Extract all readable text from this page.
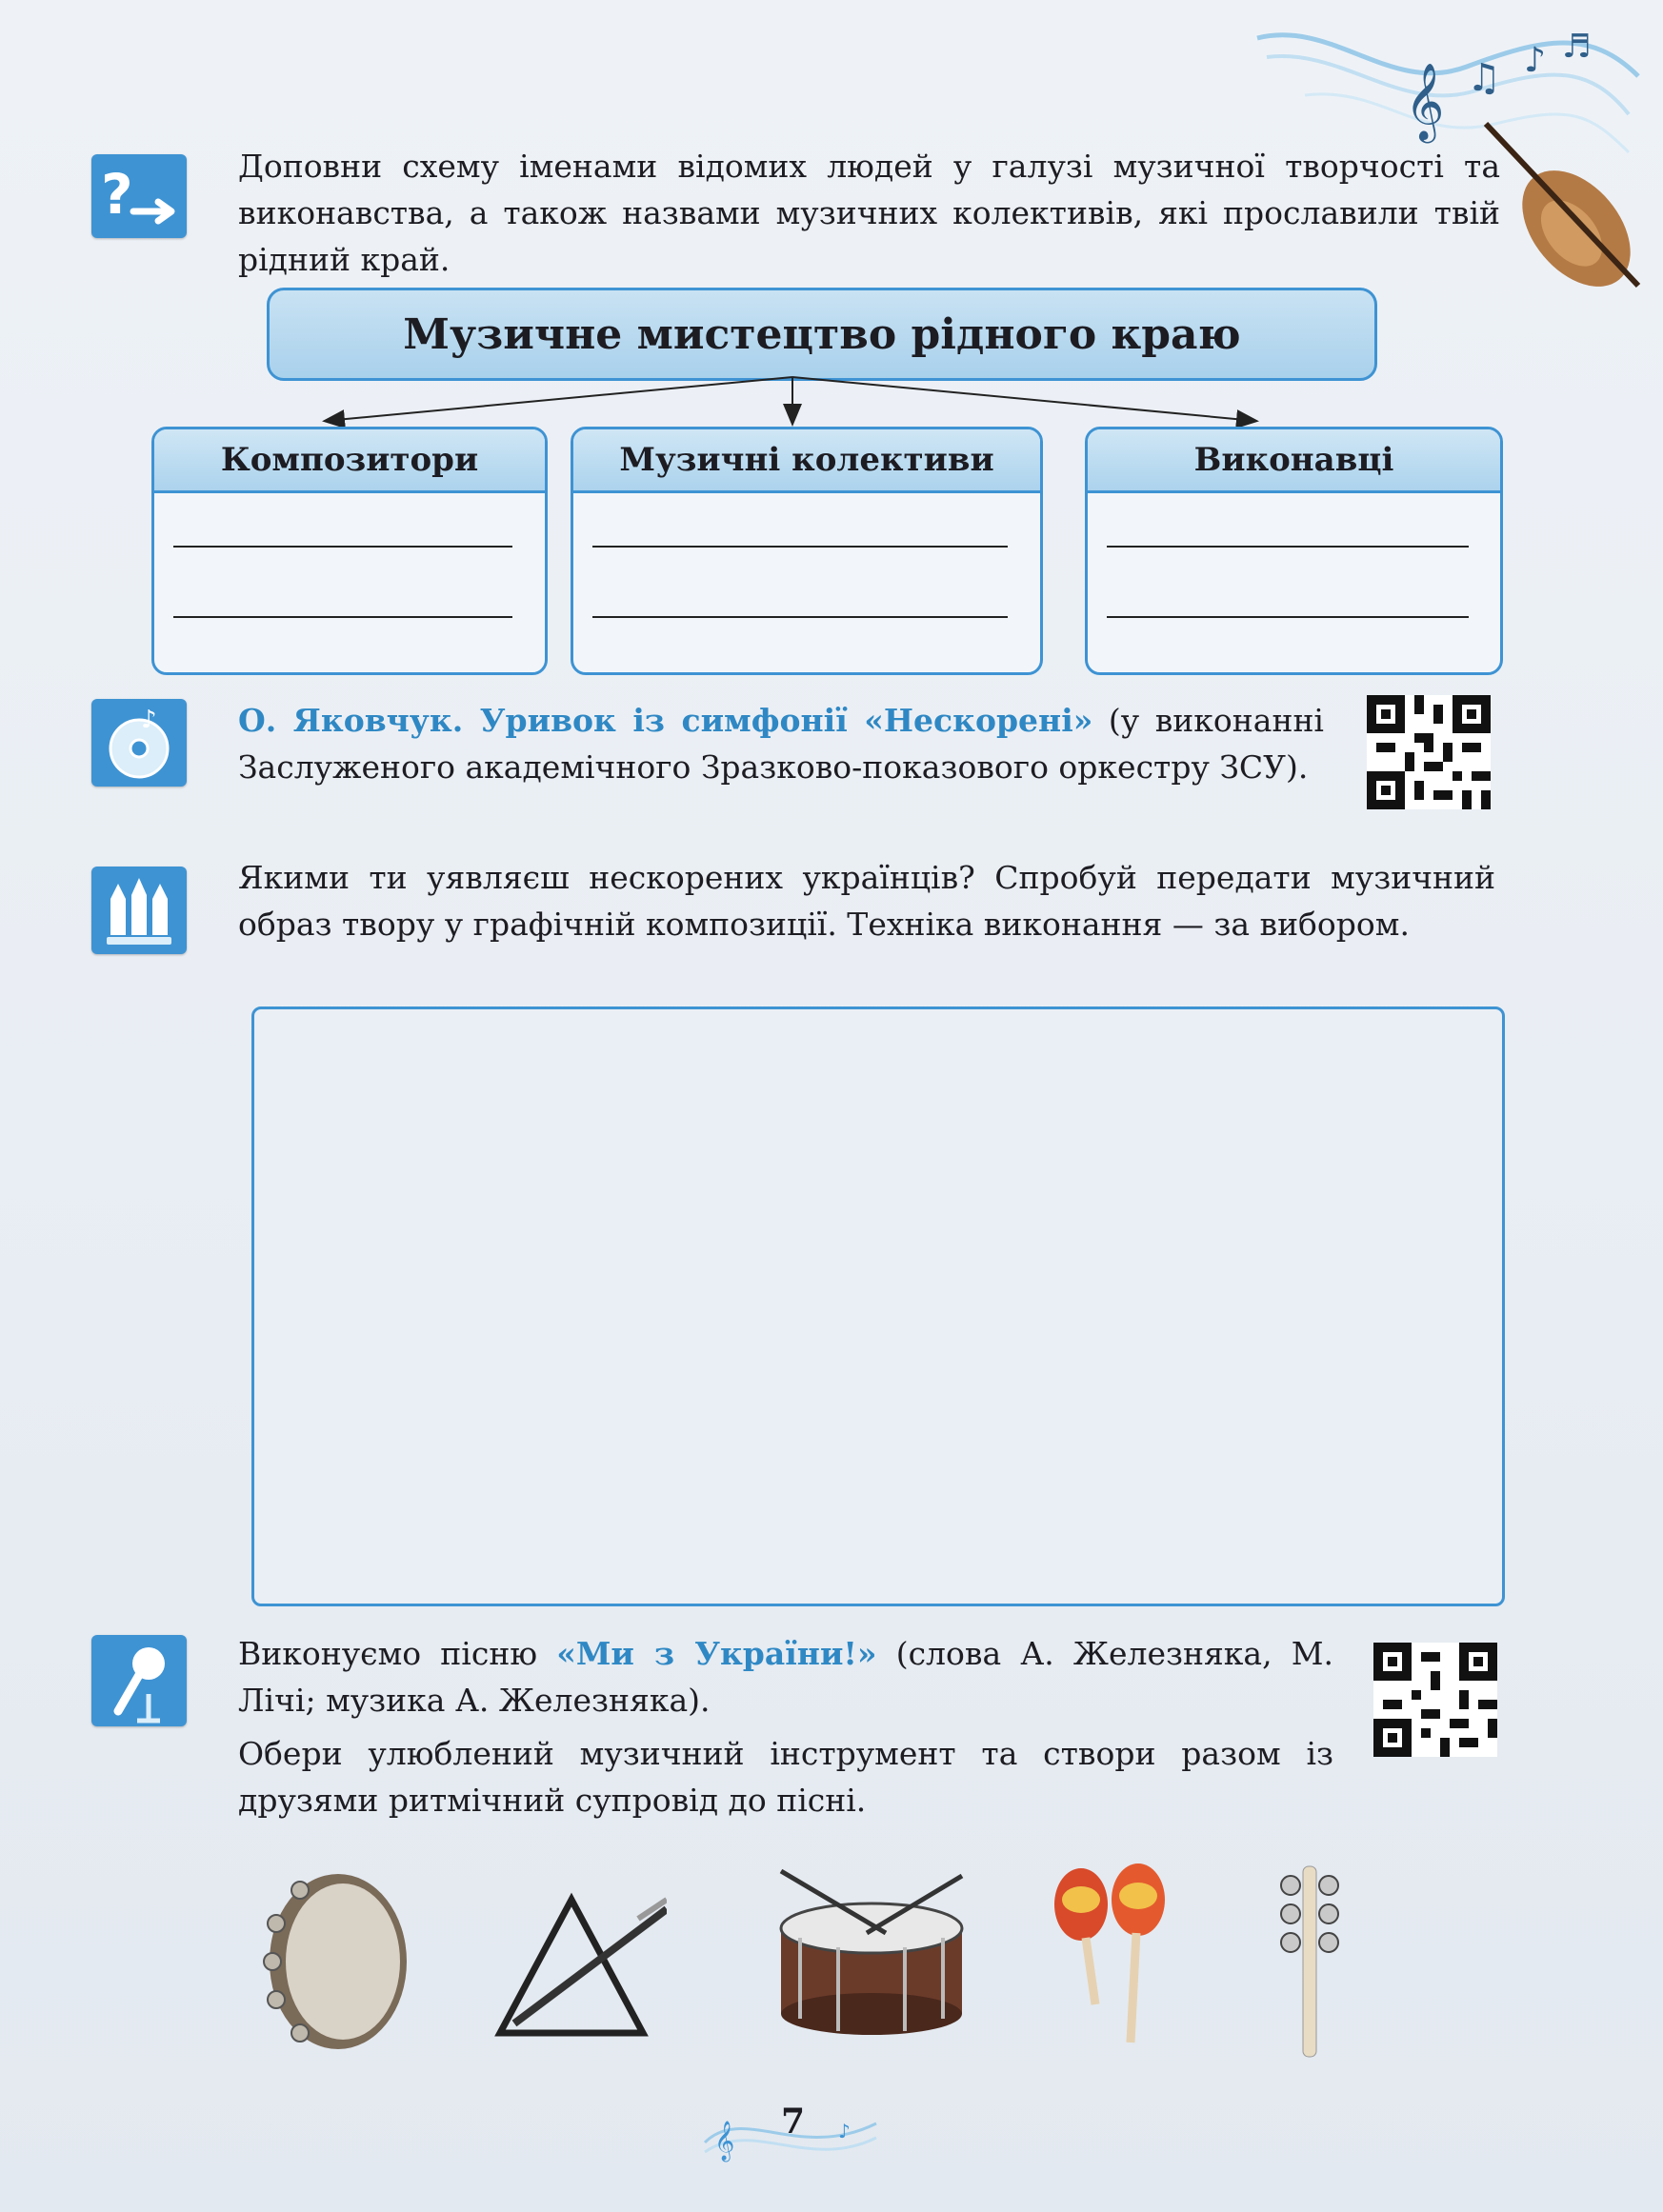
𝄞 ♫ ♪ ♬
?	Доповни схему іменами відомих людей у галузі музичної творчості та виконавства, а також назвами музичних колективів, які прославили твій рідний край.
Музичне мистецтво рідного краю
Композитори	Музичні колективи	Виконавці
♪	О. Яковчук. Уривок із симфонії «Нескорені» (у виконанні Заслуженого академічного Зразково-показового оркестру ЗСУ).
Якими ти уявляєш нескорених українців? Спробуй передати музичний образ твору у графічній композиції. Техніка виконання — за вибором.
Виконуємо пісню «Ми з України!» (слова А. Железняка, М. Лічі; музика А. Железняка).
Обери улюблений музичний інструмент та створи разом із друзями ритмічний супровід до пісні.
𝄞	♪
7
